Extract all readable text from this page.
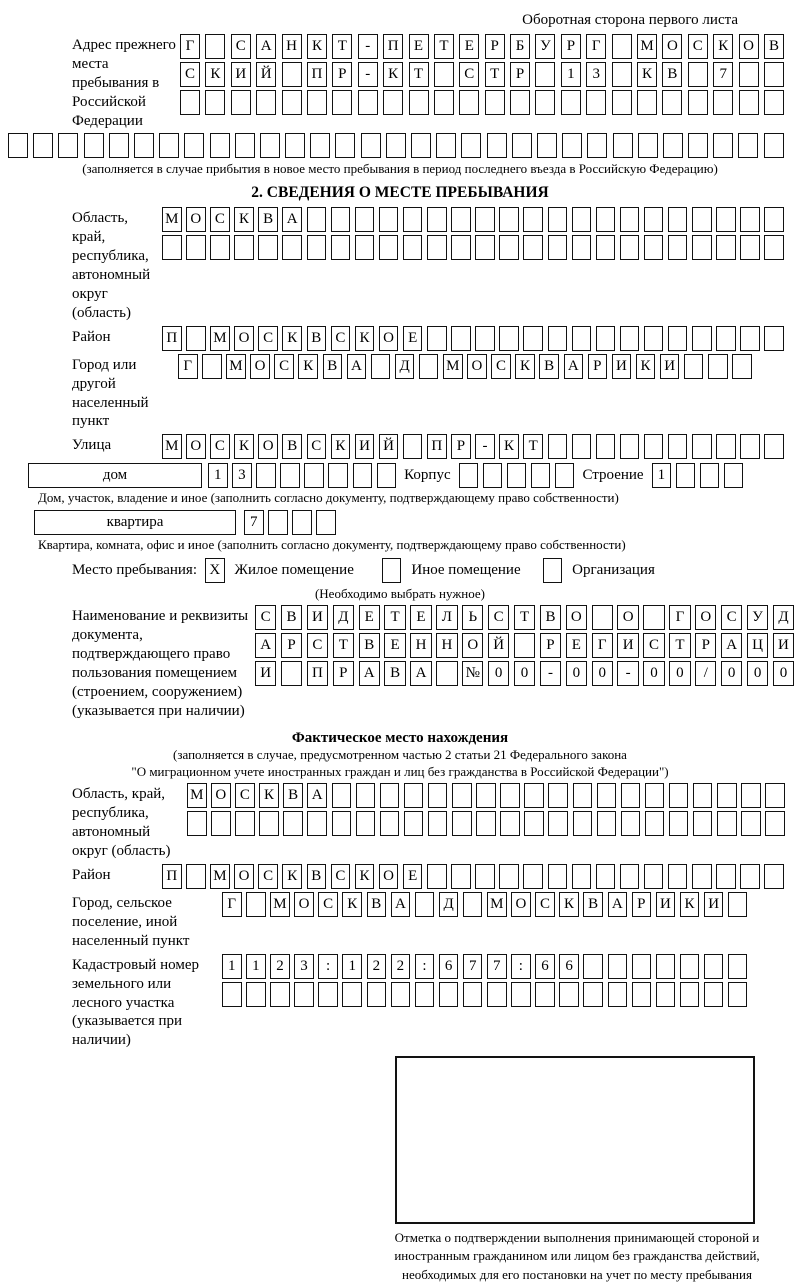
Оборотная сторона первого листа
Адрес прежнего места пребывания в Российской Федерации
Г	С А Н К	Т	-	П	Е	Т	Е	Р	Б	У	Р	Г	М О С	К О В
С	К И Й	П	Р	-	К	Т	С	Т	Р	1	3	К	В	7
(заполняется в случае прибытия в новое место пребывания в период последнего въезда в Российскую Федерацию)
2. СВЕДЕНИЯ О МЕСТЕ ПРЕБЫВАНИЯ
Область, край, республика, автономный округ (область)
М О С К В А
Район	П М О С К В С К О Е
Город или другой населенный пункт
Г	М О С К В А	Д	М О С К В А Р И К И
Улица	М О С К О В С К И Й П Р	-	К Т
дом	1	3	Корпус	Строение 1
Дом, участок, владение и иное (заполнить согласно документу, подтверждающему право собственности)
квартира	7
Квартира, комната, офис и иное (заполнить согласно документу, подтверждающему право собственности)
Место пребывания: X Жилое помещение	Иное помещение	Организация
(Необходимо выбрать нужное)
Наименование и реквизиты документа, подтверждающего право пользования помещением (строением, сооружением) (указывается при наличии)
С	В	И	Д	Е	Т	Е	Л	Ь	С	Т	В	О	О	Г	О	С	У	Д
А	Р	С	Т	В	Е	Н	Н	О	Й	Р	Е	Г	И	С	Т	Р	А	Ц	И
И	П	Р	А	В	А	№ 0	0	-	0	0	-	0	0	/	0	0	0
Фактическое место нахождения
(заполняется в случае, предусмотренном частью 2 статьи 21 Федерального закона
"О миграционном учете иностранных граждан и лиц без гражданства в Российской Федерации")
Область, край, республика, автономный округ (область)
М О С К В А
Район	П М О С К В С К О Е
Город, сельское поселение, иной населенный пункт
Г	М О С К В А	Д	М О С К В А Р И К И
Кадастровый номер земельного или лесного участка (указывается при наличии)
1	1	2	3	:	1	2	2	:	6	7	7	:	6	6
Отметка о подтверждении выполнения принимающей стороной и иностранным гражданином или лицом без гражданства действий, необходимых для его постановки на учет по месту пребывания
